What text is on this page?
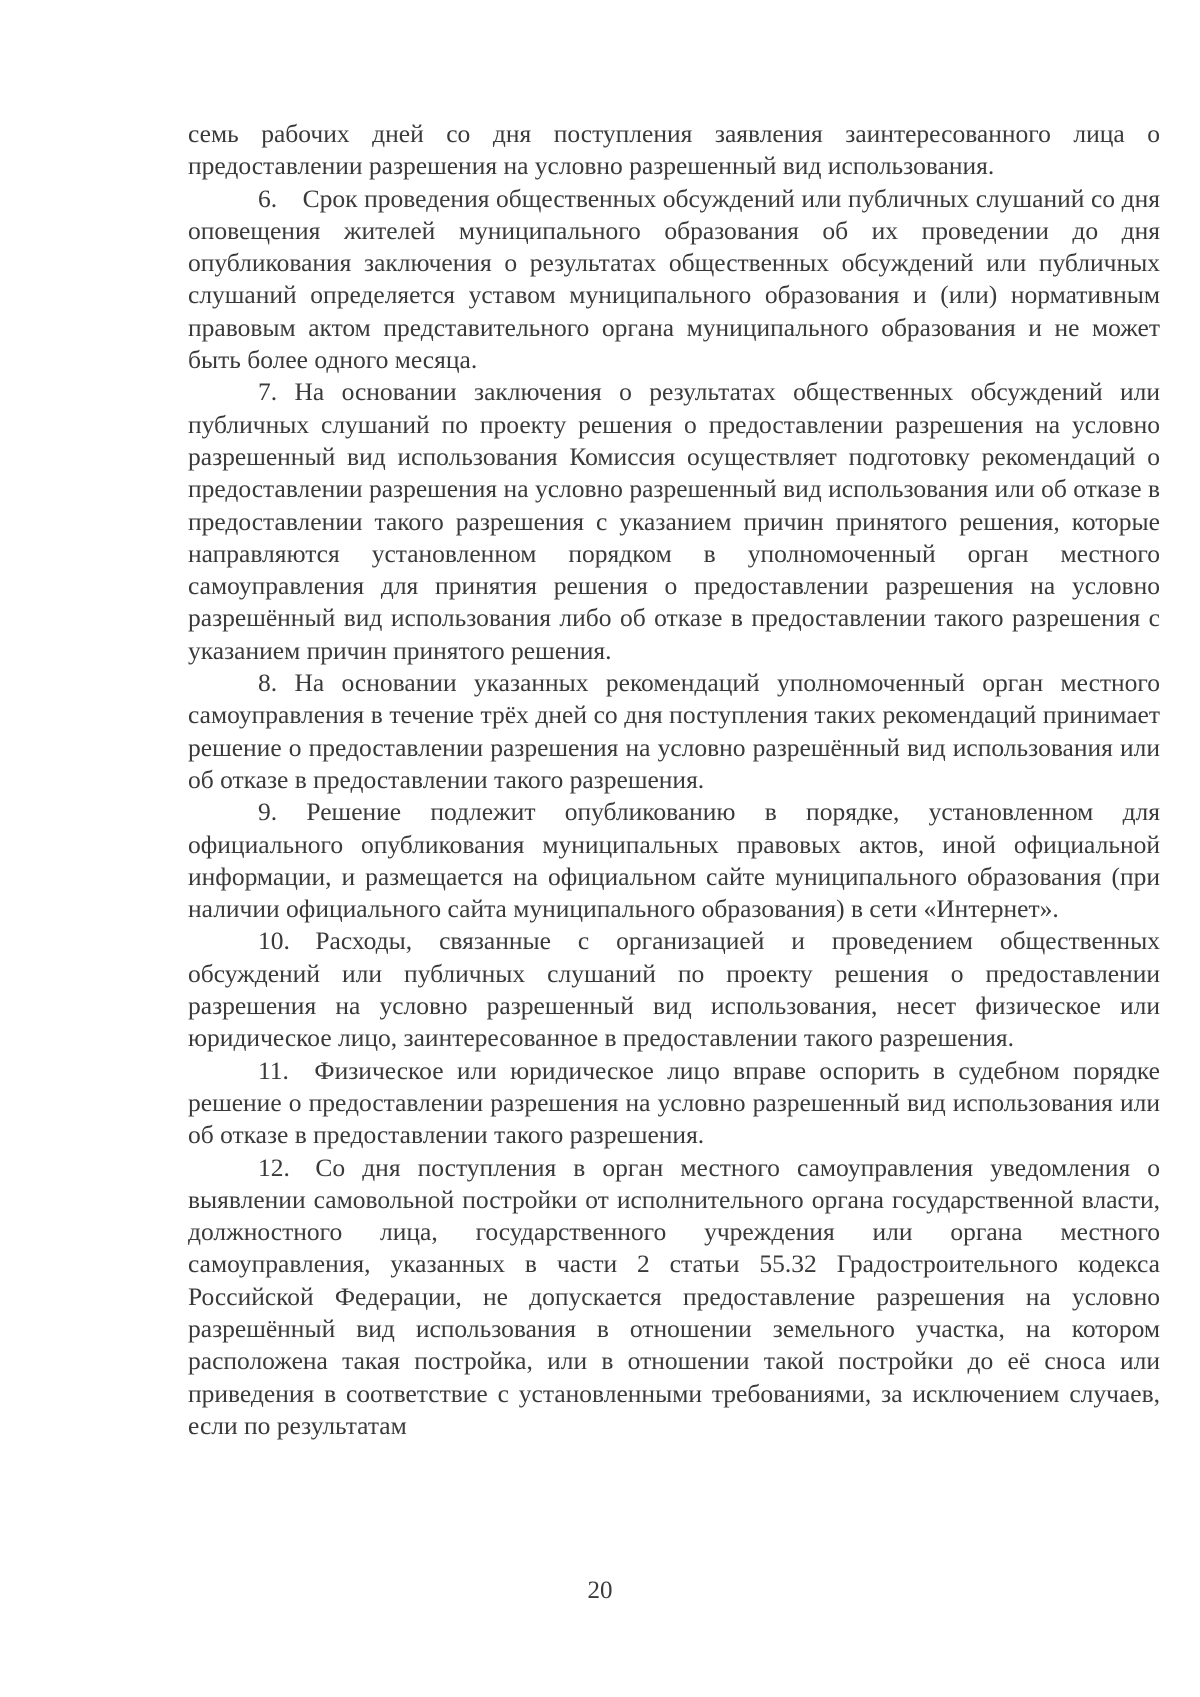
семь рабочих дней со дня поступления заявления заинтересованного лица о предоставлении разрешения на условно разрешенный вид использования.

6. Срок проведения общественных обсуждений или публичных слушаний со дня оповещения жителей муниципального образования об их проведении до дня опубликования заключения о результатах общественных обсуждений или публичных слушаний определяется уставом муниципального образования и (или) нормативным правовым актом представительного органа муниципального образования и не может быть более одного месяца.

7. На основании заключения о результатах общественных обсуждений или публичных слушаний по проекту решения о предоставлении разрешения на условно разрешенный вид использования Комиссия осуществляет подготовку рекомендаций о предоставлении разрешения на условно разрешенный вид использования или об отказе в предоставлении такого разрешения с указанием причин принятого решения, которые направляются установленном порядком в уполномоченный орган местного самоуправления для принятия решения о предоставлении разрешения на условно разрешённый вид использования либо об отказе в предоставлении такого разрешения с указанием причин принятого решения.

8. На основании указанных рекомендаций уполномоченный орган местного самоуправления в течение трёх дней со дня поступления таких рекомендаций принимает решение о предоставлении разрешения на условно разрешённый вид использования или об отказе в предоставлении такого разрешения.

9. Решение подлежит опубликованию в порядке, установленном для официального опубликования муниципальных правовых актов, иной официальной информации, и размещается на официальном сайте муниципального образования (при наличии официального сайта муниципального образования) в сети «Интернет».

10. Расходы, связанные с организацией и проведением общественных обсуждений или публичных слушаний по проекту решения о предоставлении разрешения на условно разрешенный вид использования, несет физическое или юридическое лицо, заинтересованное в предоставлении такого разрешения.

11. Физическое или юридическое лицо вправе оспорить в судебном порядке решение о предоставлении разрешения на условно разрешенный вид использования или об отказе в предоставлении такого разрешения.

12. Со дня поступления в орган местного самоуправления уведомления о выявлении самовольной постройки от исполнительного органа государственной власти, должностного лица, государственного учреждения или органа местного самоуправления, указанных в части 2 статьи 55.32 Градостроительного кодекса Российской Федерации, не допускается предоставление разрешения на условно разрешённый вид использования в отношении земельного участка, на котором расположена такая постройка, или в отношении такой постройки до её сноса или приведения в соответствие с установленными требованиями, за исключением случаев, если по результатам

20
